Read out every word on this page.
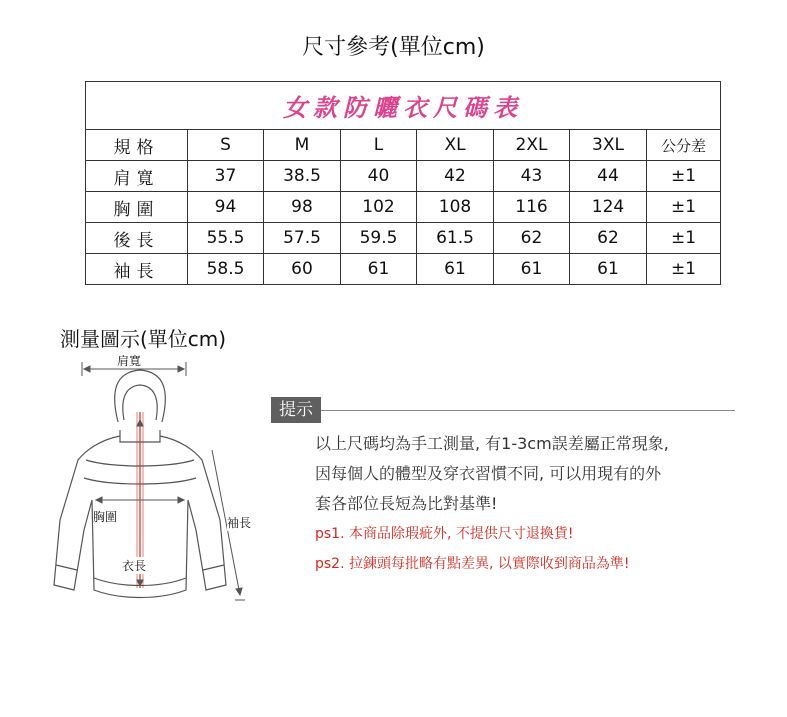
尺寸參考(單位cm)
女款防曬衣尺碼表							
規格	S	M	L	XL	2XL	3XL	公分差
肩寬	37	38.5	40	42	43	44	±1
胸圍	94	98	102	108	116	124	±1
後長	55.5	57.5	59.5	61.5	62	62	±1
袖長	58.5	60	61	61	61	61	±1
測量圖示(單位cm)
肩寬
胸圍	袖長
衣長
提示
以上尺碼均為手工測量, 有1-3cm誤差屬正常現象,
因每個人的體型及穿衣習慣不同, 可以用現有的外
套各部位長短為比對基準!
ps1. 本商品除瑕疵外, 不提供尺寸退換貨!
ps2. 拉鍊頭每批略有點差異, 以實際收到商品為準!
